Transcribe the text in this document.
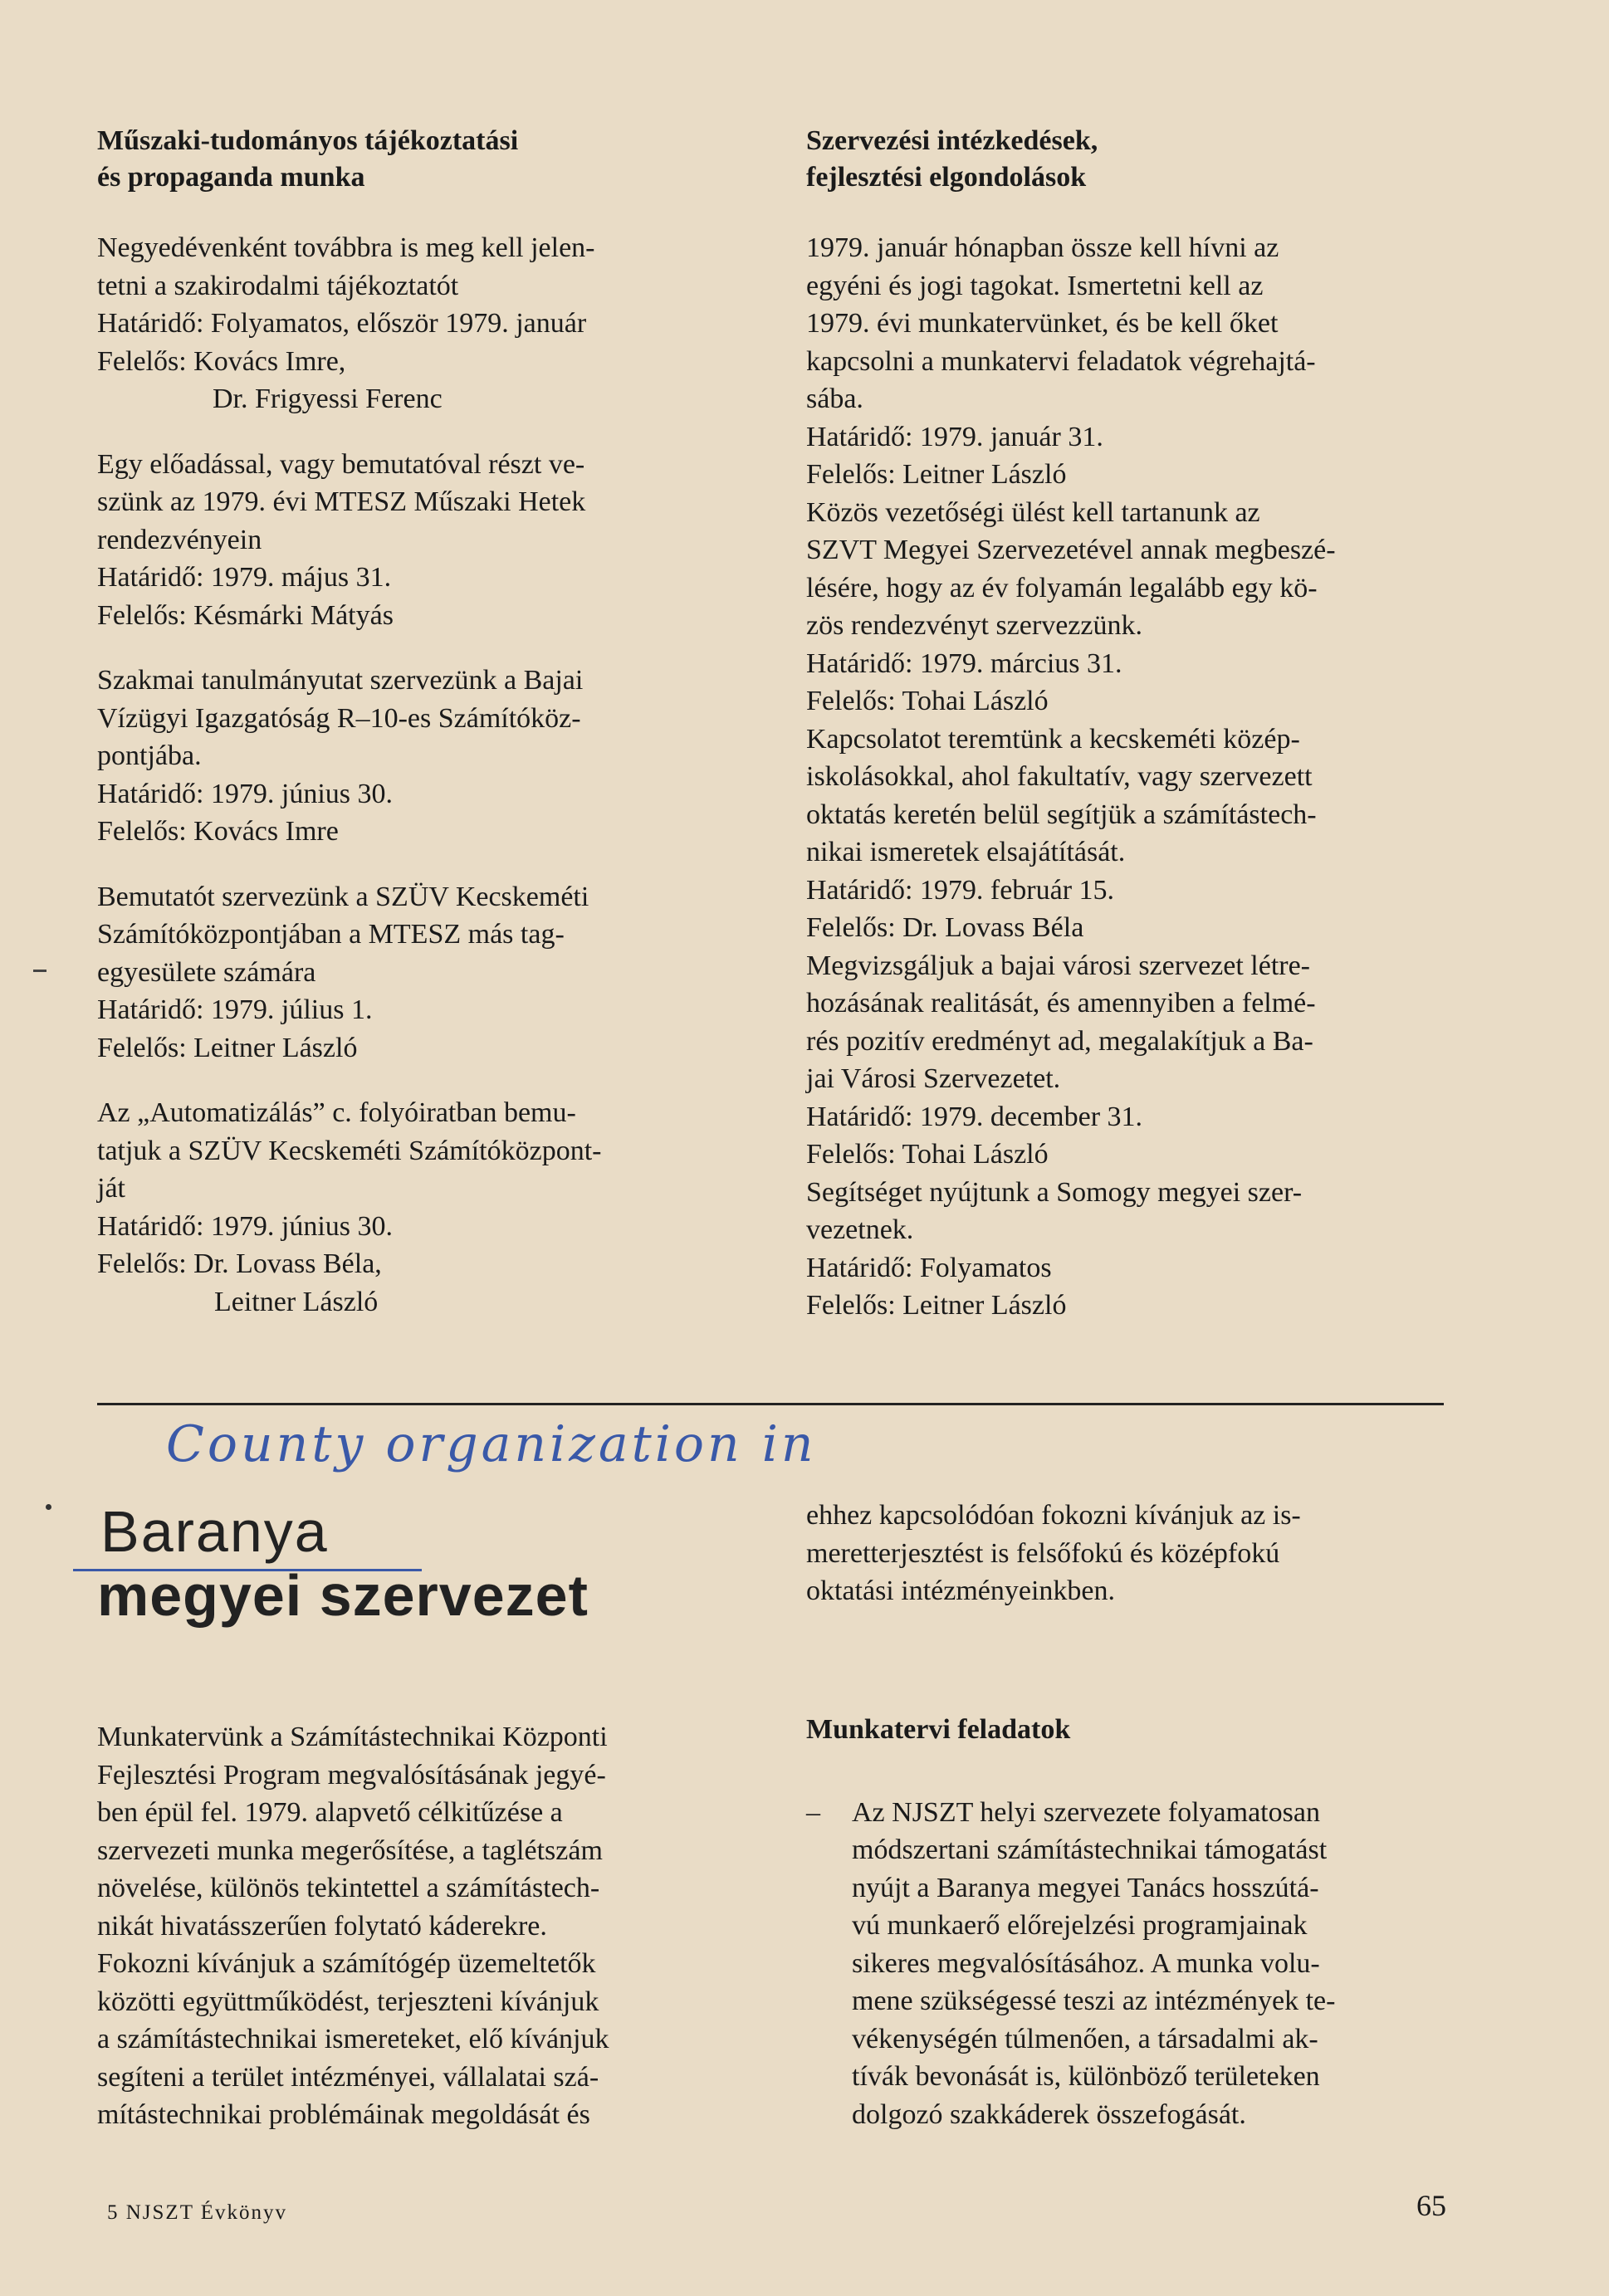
Műszaki-tudományos tájékoztatási

és propaganda munka

Negyedévenként továbbra is meg kell jelen-

tetni a szakirodalmi tájékoztatót

Határidő: Folyamatos, először 1979. január

Felelős: Kovács Imre,

Dr. Frigyessi Ferenc

Egy előadással, vagy bemutatóval részt ve-

szünk az 1979. évi MTESZ Műszaki Hetek

rendezvényein

Határidő: 1979. május 31.

Felelős: Késmárki Mátyás

Szakmai tanulmányutat szervezünk a Bajai

Vízügyi Igazgatóság R–10-es Számítóköz-

pontjába.

Határidő: 1979. június 30.

Felelős: Kovács Imre

Bemutatót szervezünk a SZÜV Kecskeméti

Számítóközpontjában a MTESZ más tag-

egyesülete számára

Határidő: 1979. július 1.

Felelős: Leitner László

Az „Automatizálás” c. folyóiratban bemu-

tatjuk a SZÜV Kecskeméti Számítóközpont-

ját

Határidő: 1979. június 30.

Felelős: Dr. Lovass Béla,

Leitner László

Szervezési intézkedések,

fejlesztési elgondolások

1979. január hónapban össze kell hívni az

egyéni és jogi tagokat. Ismertetni kell az

1979. évi munkatervünket, és be kell őket

kapcsolni a munkatervi feladatok végrehajtá-

sába.

Határidő: 1979. január 31.

Felelős: Leitner László

Közös vezetőségi ülést kell tartanunk az

SZVT Megyei Szervezetével annak megbeszé-

lésére, hogy az év folyamán legalább egy kö-

zös rendezvényt szervezzünk.

Határidő: 1979. március 31.

Felelős: Tohai László

Kapcsolatot teremtünk a kecskeméti közép-

iskolásokkal, ahol fakultatív, vagy szervezett

oktatás keretén belül segítjük a számítástech-

nikai ismeretek elsajátítását.

Határidő: 1979. február 15.

Felelős: Dr. Lovass Béla

Megvizsgáljuk a bajai városi szervezet létre-

hozásának realitását, és amennyiben a felmé-

rés pozitív eredményt ad, megalakítjuk a Ba-

jai Városi Szervezetet.

Határidő: 1979. december 31.

Felelős: Tohai László

Segítséget nyújtunk a Somogy megyei szer-

vezetnek.

Határidő: Folyamatos

Felelős: Leitner László

County organization in
Baranya
megyei szervezet

Munkatervünk a Számítástechnikai Központi

Fejlesztési Program megvalósításának jegyé-

ben épül fel. 1979. alapvető célkitűzése a

szervezeti munka megerősítése, a taglétszám

növelése, különös tekintettel a számítástech-

nikát hivatásszerűen folytató káderekre.

Fokozni kívánjuk a számítógép üzemeltetők

közötti együttműködést, terjeszteni kívánjuk

a számítástechnikai ismereteket, elő kívánjuk

segíteni a terület intézményei, vállalatai szá-

mítástechnikai problémáinak megoldását és

ehhez kapcsolódóan fokozni kívánjuk az is-

meretterjesztést is felsőfokú és középfokú

oktatási intézményeinkben.

Munkatervi feladatok

–	Az NJSZT helyi szervezete folyamatosan

módszertani számítástechnikai támogatást

nyújt a Baranya megyei Tanács hosszútá-

vú munkaerő előrejelzési programjainak

sikeres megvalósításához. A munka volu-

mene szükségessé teszi az intézmények te-

vékenységén túlmenően, a társadalmi ak-

tívák bevonását is, különböző területeken

dolgozó szakkáderek összefogását.

5 NJSZT Évkönyv	65
